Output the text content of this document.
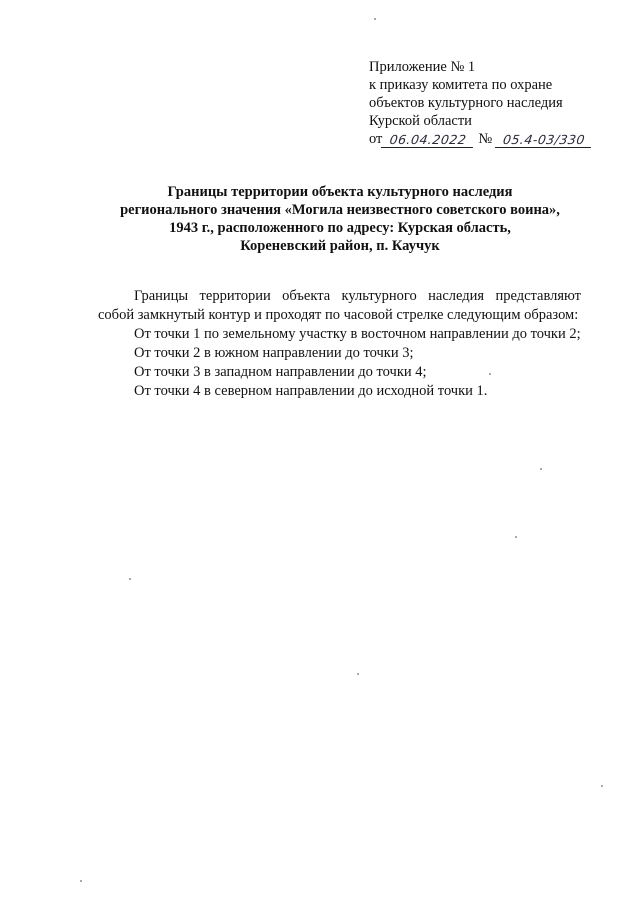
Приложение № 1
к приказу комитета по охране
объектов культурного наследия
Курской области
от 06.04.2022 № 05.4-03/330
Границы территории объекта культурного наследия
регионального значения «Могила неизвестного советского воина»,
1943 г., расположенного по адресу: Курская область,
Кореневский район, п. Каучук

Границы территории объекта культурного наследия представляют собой замкнутый контур и проходят по часовой стрелке следующим образом:

От точки 1 по земельному участку в восточном направлении до точки 2;

От точки 2 в южном направлении до точки 3;

От точки 3 в западном направлении до точки 4;

От точки 4 в северном направлении до исходной точки 1.
